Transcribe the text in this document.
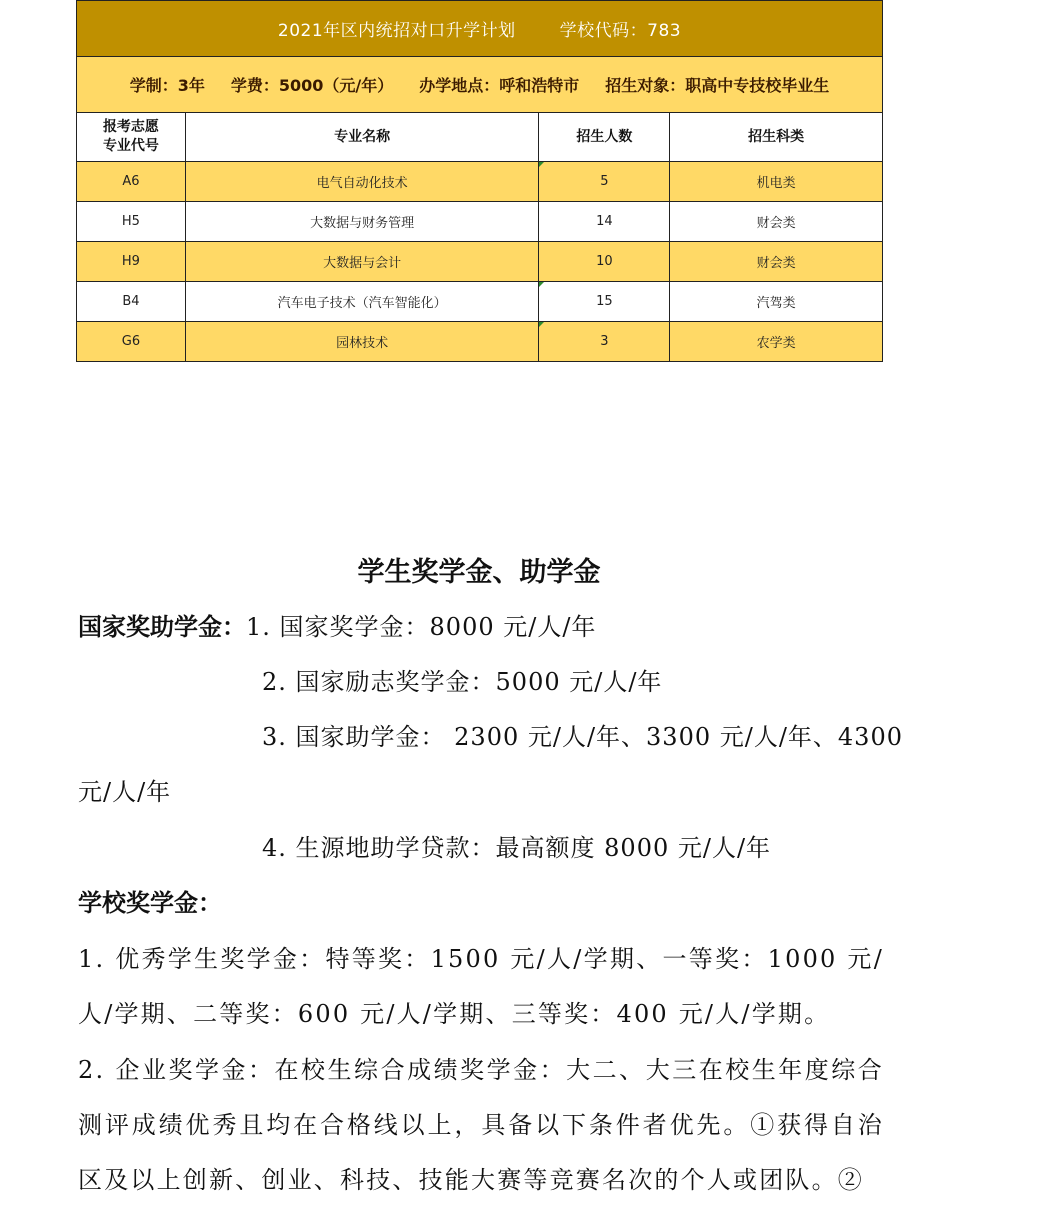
2021年区内统招对口升学计划 学校代码：783			
学制：3年 学费：5000（元/年） 办学地点：呼和浩特市 招生对象：职高中专技校毕业生			
报考志愿
专业代号	专业名称	招生人数	招生科类
A6	电气自动化技术	5	机电类
H5	大数据与财务管理	14	财会类
H9	大数据与会计	10	财会类
B4	汽车电子技术（汽车智能化）	15	汽驾类
G6	园林技术	3	农学类
学生奖学金、助学金
国家奖助学金：1. 国家奖学金：8000 元/人/年
2. 国家励志奖学金：5000 元/人/年
3. 国家助学金： 2300 元/人/年、3300 元/人/年、4300
元/人/年
4. 生源地助学贷款：最高额度 8000 元/人/年
学校奖学金：
1. 优秀学生奖学金：特等奖：1500 元/人/学期、一等奖：1000 元/人/学期、二等奖：600 元/人/学期、三等奖：400 元/人/学期。
2. 企业奖学金：在校生综合成绩奖学金：大二、大三在校生年度综合测评成绩优秀且均在合格线以上，具备以下条件者优先。①获得自治区及以上创新、创业、科技、技能大赛等竞赛名次的个人或团队。②
